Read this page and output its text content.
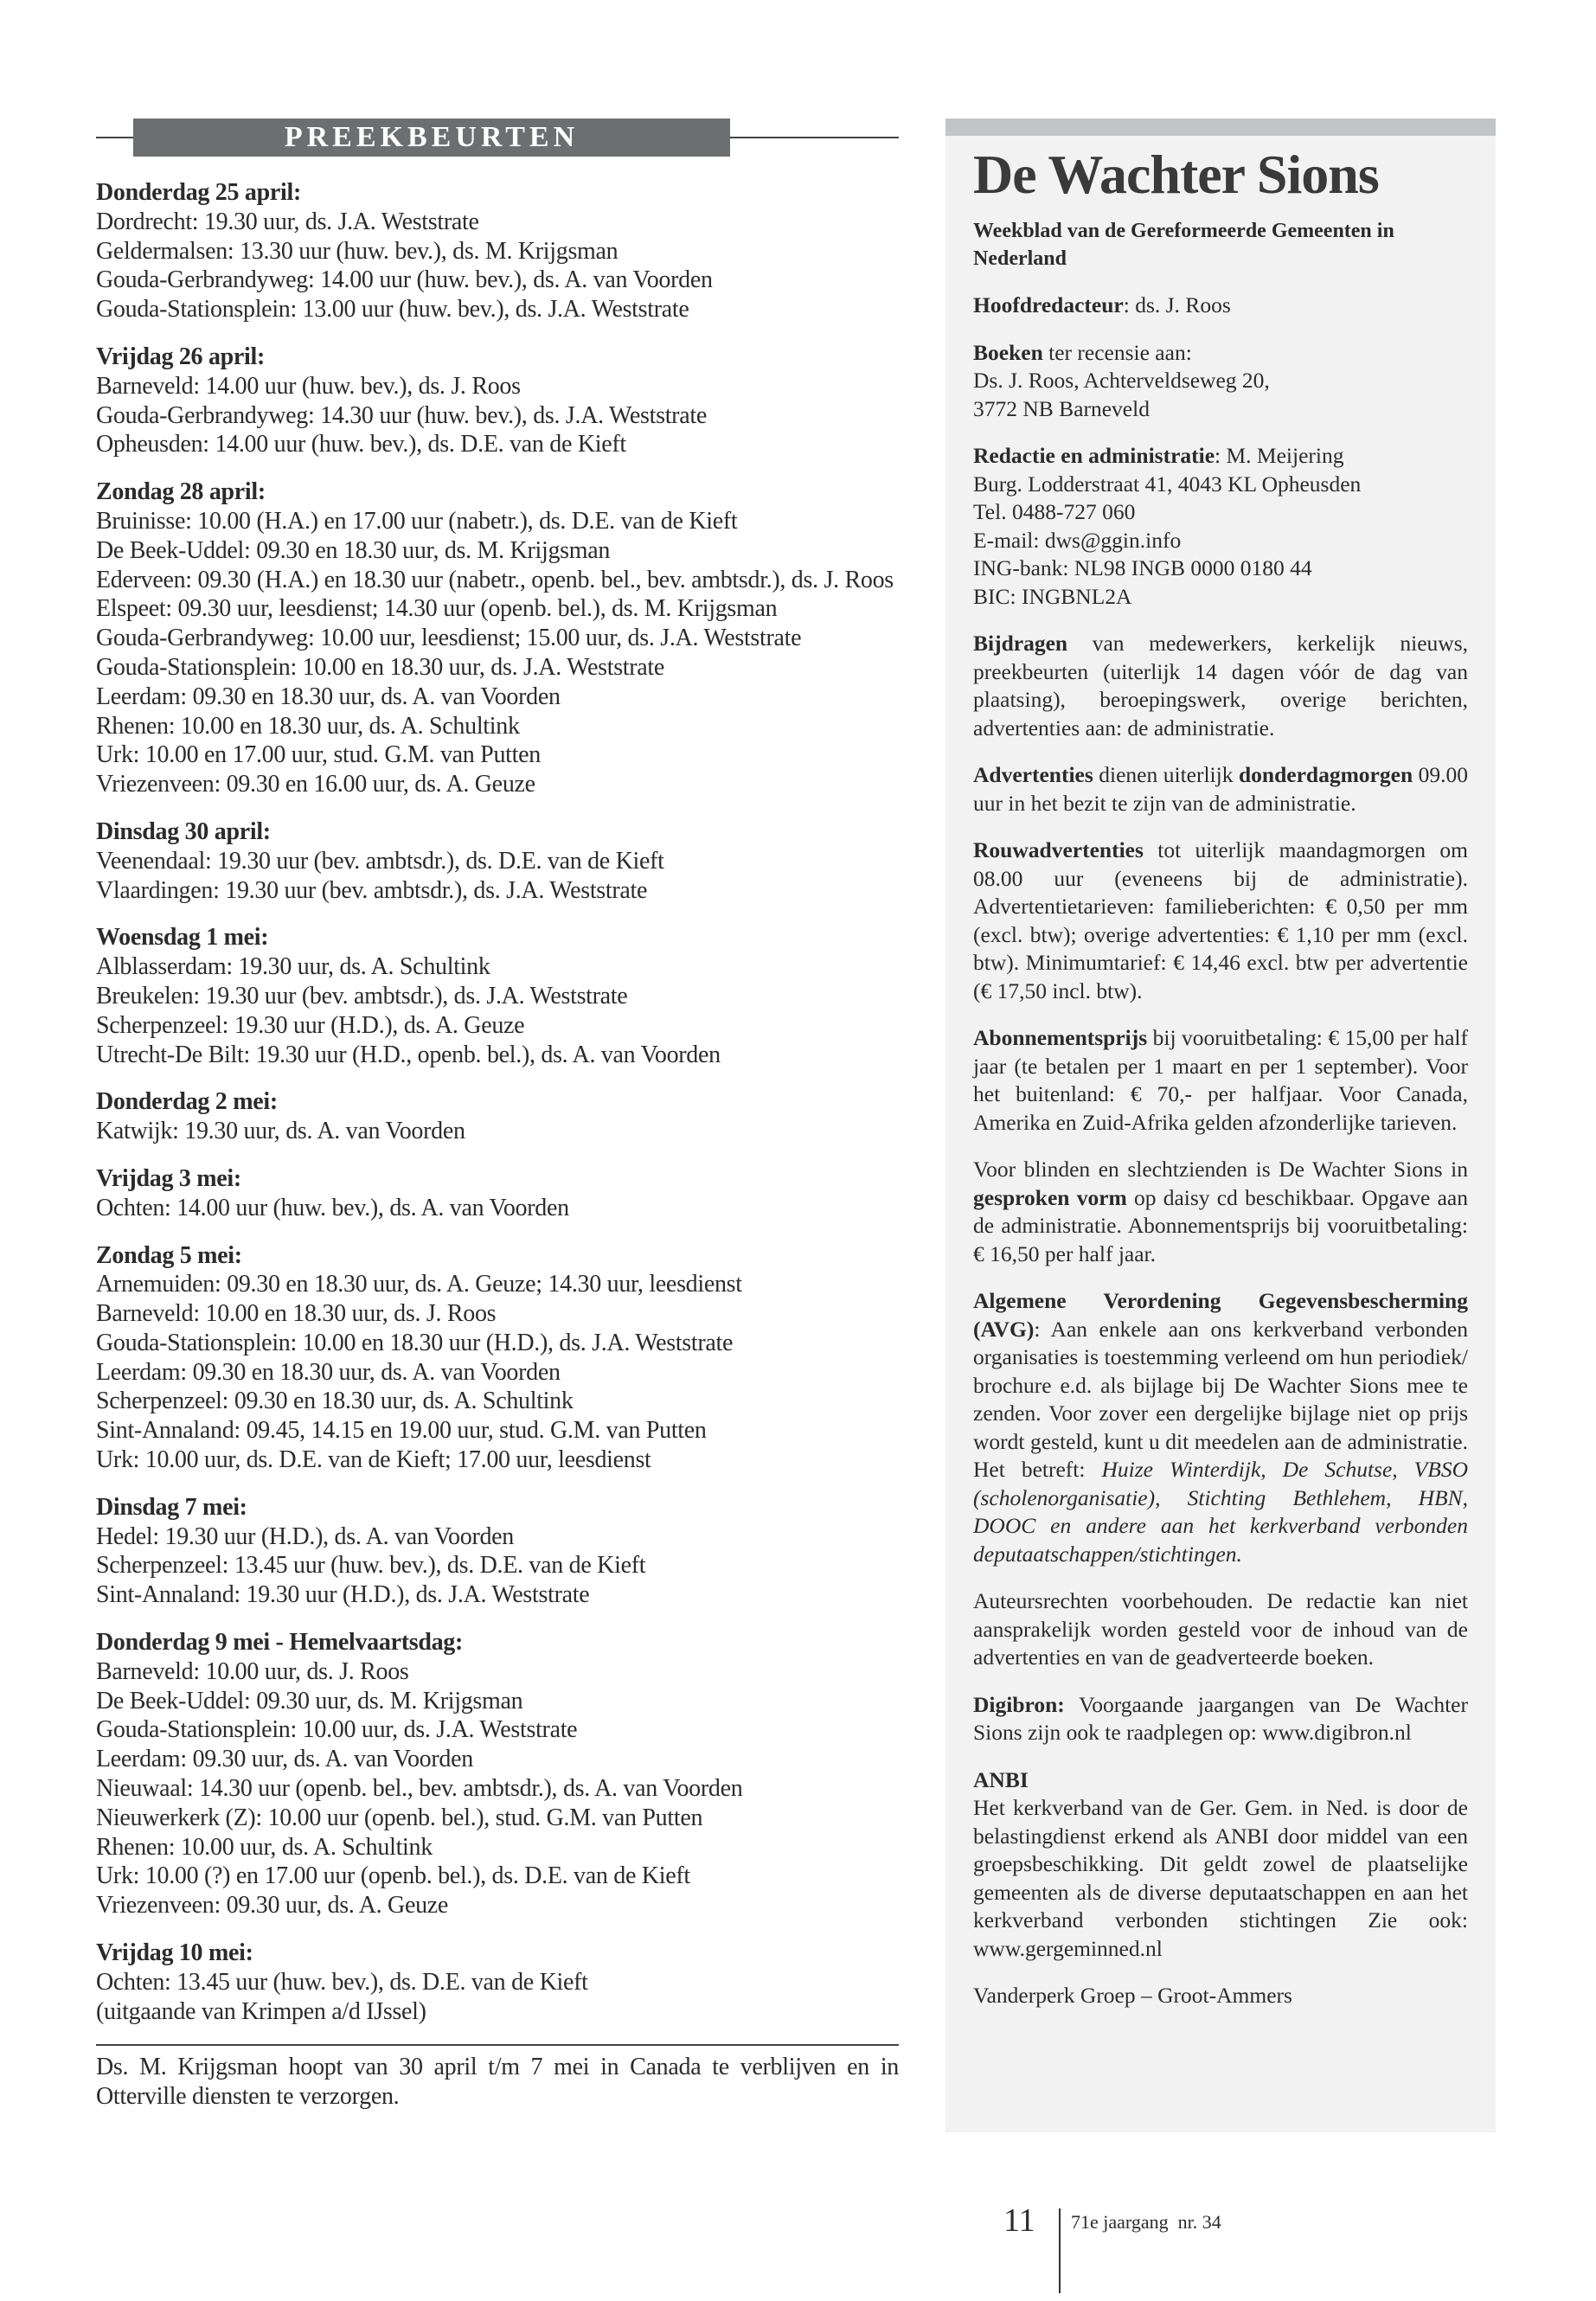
PREEKBEURTEN
Donderdag 25 april:
Dordrecht: 19.30 uur, ds. J.A. Weststrate
Geldermalsen: 13.30 uur (huw. bev.), ds. M. Krijgsman
Gouda-Gerbrandyweg: 14.00 uur (huw. bev.), ds. A. van Voorden
Gouda-Stationsplein: 13.00 uur (huw. bev.), ds. J.A. Weststrate
Vrijdag 26 april:
Barneveld: 14.00 uur (huw. bev.), ds. J. Roos
Gouda-Gerbrandyweg: 14.30 uur (huw. bev.), ds. J.A. Weststrate
Opheusden: 14.00 uur (huw. bev.), ds. D.E. van de Kieft
Zondag 28 april:
Bruinisse: 10.00 (H.A.) en 17.00 uur (nabetr.), ds. D.E. van de Kieft
De Beek-Uddel: 09.30 en 18.30 uur, ds. M. Krijgsman
Ederveen: 09.30 (H.A.) en 18.30 uur (nabetr., openb. bel., bev. ambtsdr.), ds. J. Roos
Elspeet: 09.30 uur, leesdienst; 14.30 uur (openb. bel.), ds. M. Krijgsman
Gouda-Gerbrandyweg: 10.00 uur, leesdienst; 15.00 uur, ds. J.A. Weststrate
Gouda-Stationsplein: 10.00 en 18.30 uur, ds. J.A. Weststrate
Leerdam: 09.30 en 18.30 uur, ds. A. van Voorden
Rhenen: 10.00 en 18.30 uur, ds. A. Schultink
Urk: 10.00 en 17.00 uur, stud. G.M. van Putten
Vriezenveen: 09.30 en 16.00 uur, ds. A. Geuze
Dinsdag 30 april:
Veenendaal: 19.30 uur (bev. ambtsdr.), ds. D.E. van de Kieft
Vlaardingen: 19.30 uur (bev. ambtsdr.), ds. J.A. Weststrate
Woensdag 1 mei:
Alblasserdam: 19.30 uur, ds. A. Schultink
Breukelen: 19.30 uur (bev. ambtsdr.), ds. J.A. Weststrate
Scherpenzeel: 19.30 uur (H.D.), ds. A. Geuze
Utrecht-De Bilt: 19.30 uur (H.D., openb. bel.), ds. A. van Voorden
Donderdag 2 mei:
Katwijk: 19.30 uur, ds. A. van Voorden
Vrijdag 3 mei:
Ochten: 14.00 uur (huw. bev.), ds. A. van Voorden
Zondag 5 mei:
Arnemuiden: 09.30 en 18.30 uur, ds. A. Geuze; 14.30 uur, leesdienst
Barneveld: 10.00 en 18.30 uur, ds. J. Roos
Gouda-Stationsplein: 10.00 en 18.30 uur (H.D.), ds. J.A. Weststrate
Leerdam: 09.30 en 18.30 uur, ds. A. van Voorden
Scherpenzeel: 09.30 en 18.30 uur, ds. A. Schultink
Sint-Annaland: 09.45, 14.15 en 19.00 uur, stud. G.M. van Putten
Urk: 10.00 uur, ds. D.E. van de Kieft; 17.00 uur, leesdienst
Dinsdag 7 mei:
Hedel: 19.30 uur (H.D.), ds. A. van Voorden
Scherpenzeel: 13.45 uur (huw. bev.), ds. D.E. van de Kieft
Sint-Annaland: 19.30 uur (H.D.), ds. J.A. Weststrate
Donderdag 9 mei - Hemelvaartsdag:
Barneveld: 10.00 uur, ds. J. Roos
De Beek-Uddel: 09.30 uur, ds. M. Krijgsman
Gouda-Stationsplein: 10.00 uur, ds. J.A. Weststrate
Leerdam: 09.30 uur, ds. A. van Voorden
Nieuwaal: 14.30 uur (openb. bel., bev. ambtsdr.), ds. A. van Voorden
Nieuwerkerk (Z): 10.00 uur (openb. bel.), stud. G.M. van Putten
Rhenen: 10.00 uur, ds. A. Schultink
Urk: 10.00 (?) en 17.00 uur (openb. bel.), ds. D.E. van de Kieft
Vriezenveen: 09.30 uur, ds. A. Geuze
Vrijdag 10 mei:
Ochten: 13.45 uur (huw. bev.), ds. D.E. van de Kieft
(uitgaande van Krimpen a/d IJssel)
Ds. M. Krijgsman hoopt van 30 april t/m 7 mei in Canada te verblijven en in Otterville diensten te verzorgen.
De Wachter Sions
Weekblad van de Gereformeerde Gemeenten in Nederland
Hoofdredacteur: ds. J. Roos
Boeken ter recensie aan:
Ds. J. Roos, Achterveldseweg 20,
3772 NB Barneveld
Redactie en administratie: M. Meijering
Burg. Lodderstraat 41, 4043 KL Opheusden
Tel. 0488-727 060
E-mail: dws@ggin.info
ING-bank: NL98 INGB 0000 0180 44
BIC: INGBNL2A
Bijdragen van medewerkers, kerkelijk nieuws, preekbeurten (uiterlijk 14 dagen vóór de dag van plaatsing), beroepingswerk, overige berichten, advertenties aan: de administratie.
Advertenties dienen uiterlijk donderdagmorgen 09.00 uur in het bezit te zijn van de administratie.
Rouwadvertenties tot uiterlijk maandagmorgen om 08.00 uur (eveneens bij de administratie). Advertentietarieven: familieberichten: € 0,50 per mm (excl. btw); overige advertenties: € 1,10 per mm (excl. btw). Minimumtarief: € 14,46 excl. btw per advertentie (€ 17,50 incl. btw).
Abonnementsprijs bij vooruitbetaling: € 15,00 per half jaar (te betalen per 1 maart en per 1 september). Voor het buitenland: € 70,- per halfjaar. Voor Canada, Amerika en Zuid-Afrika gelden afzonderlijke tarieven.
Voor blinden en slechtzienden is De Wachter Sions in gesproken vorm op daisy cd beschikbaar. Opgave aan de administratie. Abonnementsprijs bij vooruitbetaling: € 16,50 per half jaar.
Algemene Verordening Gegevensbescherming (AVG): Aan enkele aan ons kerkverband verbonden organisaties is toestemming verleend om hun periodiek/ brochure e.d. als bijlage bij De Wachter Sions mee te zenden. Voor zover een dergelijke bijlage niet op prijs wordt gesteld, kunt u dit meedelen aan de administratie. Het betreft: Huize Winterdijk, De Schutse, VBSO (scholenorganisatie), Stichting Bethlehem, HBN, DOOC en andere aan het kerkverband verbonden deputaatschappen/stichtingen.
Auteursrechten voorbehouden. De redactie kan niet aansprakelijk worden gesteld voor de inhoud van de advertenties en van de geadverteerde boeken.
Digibron: Voorgaande jaargangen van De Wachter Sions zijn ook te raadplegen op: www.digibron.nl
ANBI
Het kerkverband van de Ger. Gem. in Ned. is door de belastingdienst erkend als ANBI door middel van een groepsbeschikking. Dit geldt zowel de plaatselijke gemeenten als de diverse deputaatschappen en aan het kerkverband verbonden stichtingen Zie ook: www.gergeminned.nl
Vanderperk Groep – Groot-Ammers
11 71e jaargang  nr. 34
